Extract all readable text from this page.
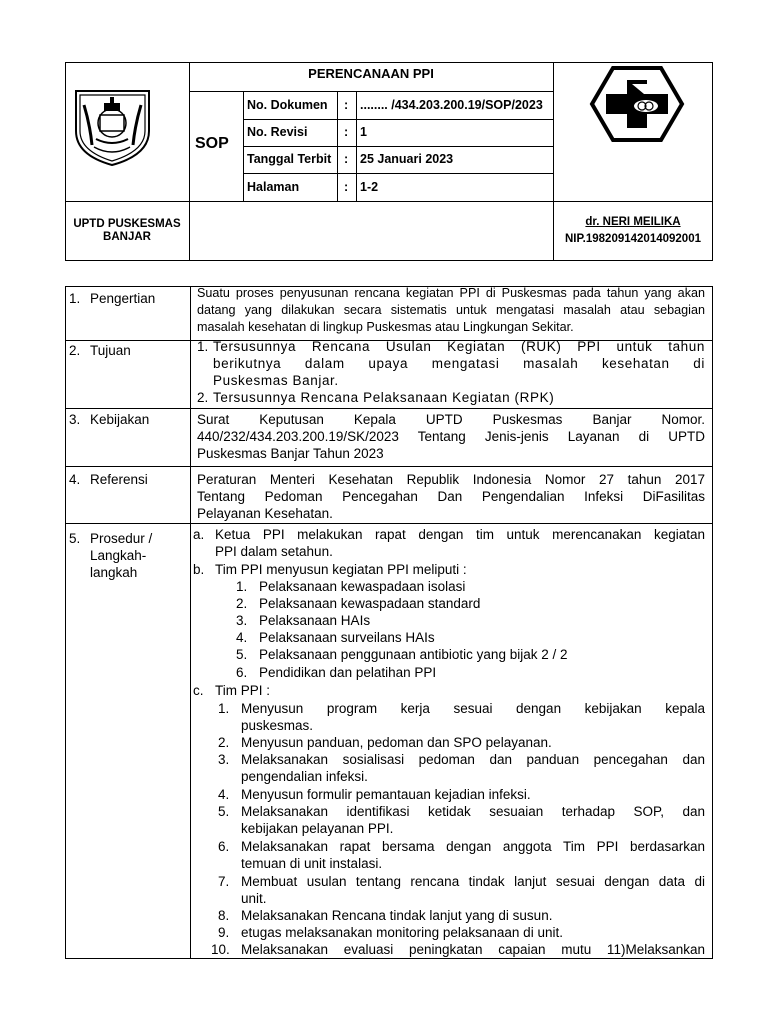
PERENCANAAN PPI
SOP
No. Dokumen : ........ /434.203.200.19/SOP/2023
No. Revisi	: 1
Tanggal Terbit : 25 Januari 2023
Halaman	: 1-2
UPTD PUSKESMAS
BANJAR
dr. NERI MEILIKA
NIP.198209142014092001
1. Pengertian	Suatu proses penyusunan rencana kegiatan PPI di Puskesmas pada tahun yang akan
datang yang dilakukan secara sistematis untuk mengatasi masalah atau sebagian
masalah kesehatan di lingkup Puskesmas atau Lingkungan Sekitar.
2. Tujuan	1. Tersusunnya Rencana Usulan Kegiatan (RUK) PPI untuk tahun
berikutnya dalam upaya mengatasi masalah kesehatan di
Puskesmas Banjar.
2. Tersusunnya Rencana Pelaksanaan Kegiatan (RPK)
3. Kebijakan	Surat Keputusan Kepala UPTD Puskesmas Banjar Nomor.
440/232/434.203.200.19/SK/2023 Tentang Jenis-jenis Layanan di UPTD
Puskesmas Banjar Tahun 2023
4. Referensi	Peraturan Menteri Kesehatan Republik Indonesia Nomor 27 tahun 2017
Tentang Pedoman Pencegahan Dan Pengendalian Infeksi DiFasilitas
Pelayanan Kesehatan.
5. Prosedur /
Langkah-
langkah
a. Ketua PPI melakukan rapat dengan tim untuk merencanakan kegiatan
PPI dalam setahun.
b. Tim PPI menyusun kegiatan PPI meliputi :
1. Pelaksanaan kewaspadaan isolasi
2. Pelaksanaan kewaspadaan standard
3. Pelaksanaan HAIs
4. Pelaksanaan surveilans HAIs
5. Pelaksanaan penggunaan antibiotic yang bijak 2 / 2
6. Pendidikan dan pelatihan PPI
c. Tim PPI :
1. Menyusun program kerja sesuai dengan kebijakan kepala
puskesmas.
2. Menyusun panduan, pedoman dan SPO pelayanan.
3. Melaksanakan sosialisasi pedoman dan panduan pencegahan dan
pengendalian infeksi.
4. Menyusun formulir pemantauan kejadian infeksi.
5. Melaksanakan identifikasi ketidak sesuaian terhadap SOP, dan
kebijakan pelayanan PPI.
6. Melaksanakan rapat bersama dengan anggota Tim PPI berdasarkan
temuan di unit instalasi.
7. Membuat usulan tentang rencana tindak lanjut sesuai dengan data di
unit.
8. Melaksanakan Rencana tindak lanjut yang di susun.
9. etugas melaksanakan monitoring pelaksanaan di unit.
10. Melaksanakan evaluasi peningkatan capaian mutu 11)Melaksankan
